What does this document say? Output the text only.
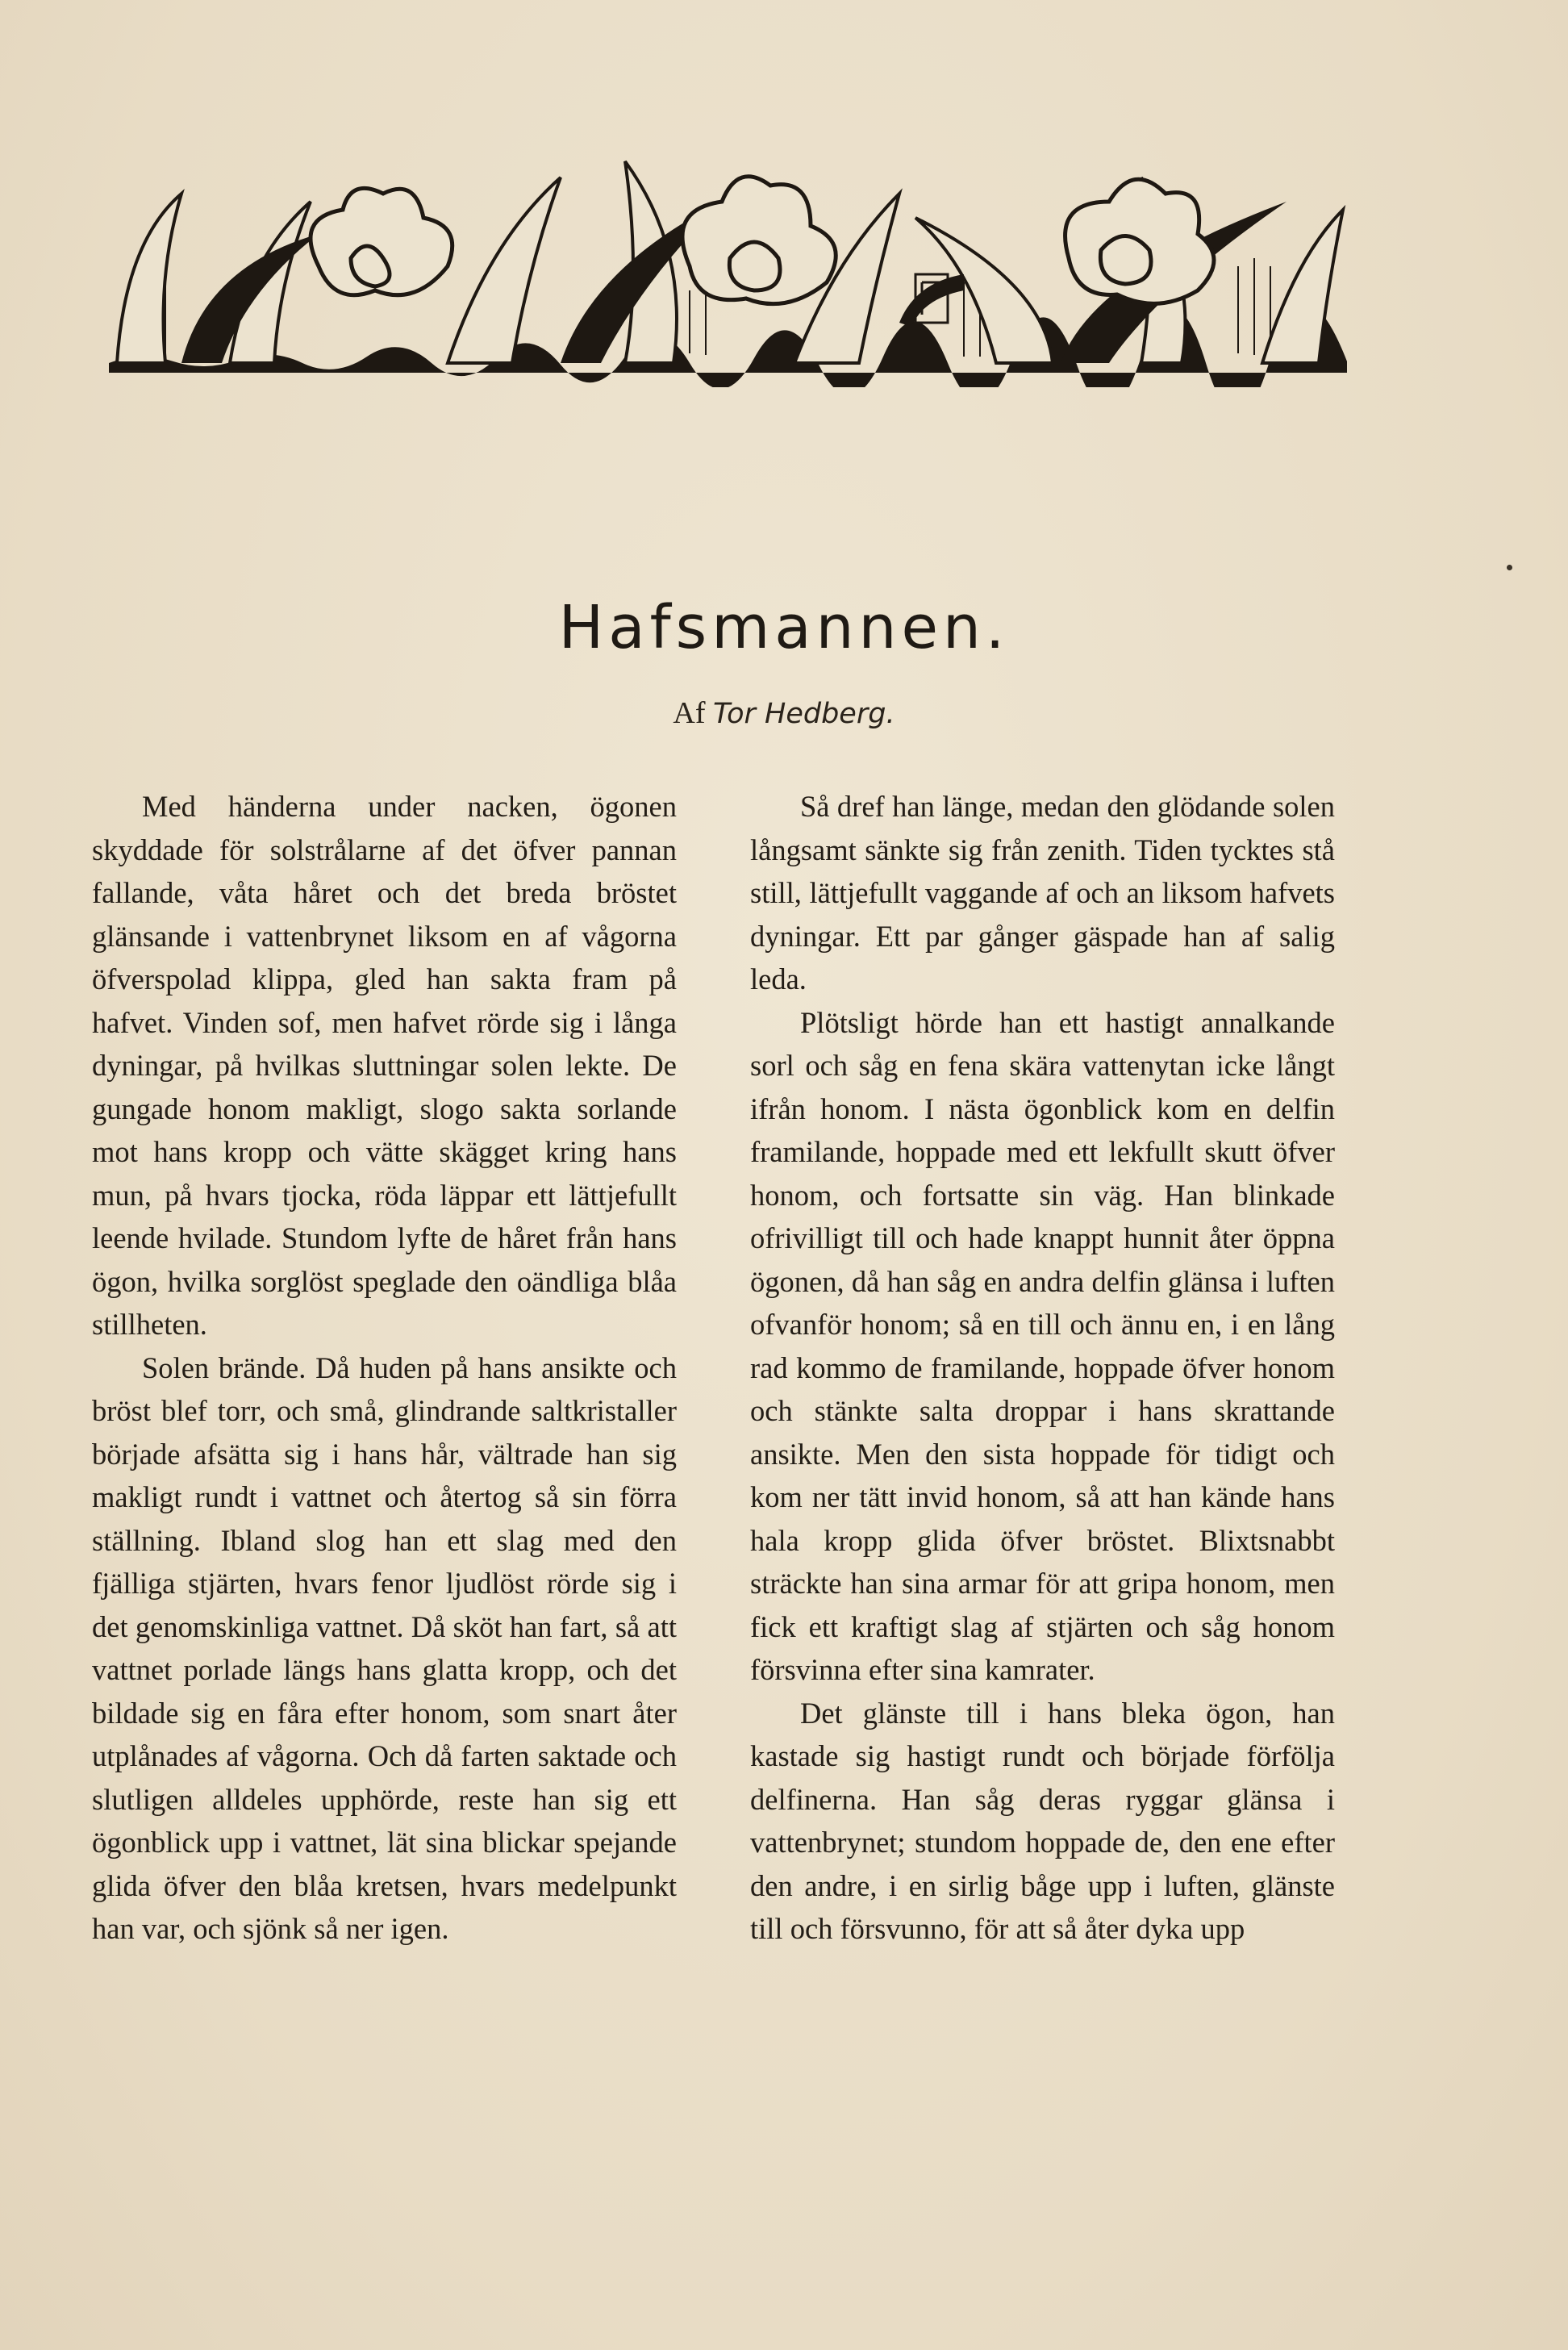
Hafsmannen.
Af Tor Hedberg.

Med händerna under nacken, ögonen skyddade för solstrålarne af det öfver pannan fallande, våta håret och det breda bröstet glänsande i vattenbrynet liksom en af vågorna öfverspolad klippa, gled han sakta fram på hafvet. Vinden sof, men hafvet rörde sig i långa dyningar, på hvilkas sluttningar solen lekte. De gungade honom makligt, slogo sakta sorlande mot hans kropp och vätte skägget kring hans mun, på hvars tjocka, röda läppar ett lättjefullt leende hvilade. Stundom lyfte de håret från hans ögon, hvilka sorglöst speglade den oändliga blåa stillheten.

Solen brände. Då huden på hans ansikte och bröst blef torr, och små, glindrande saltkristaller började afsätta sig i hans hår, vältrade han sig makligt rundt i vattnet och återtog så sin förra ställning. Ibland slog han ett slag med den fjälliga stjärten, hvars fenor ljudlöst rörde sig i det genomskinliga vattnet. Då sköt han fart, så att vattnet porlade längs hans glatta kropp, och det bildade sig en fåra efter honom, som snart åter utplånades af vågorna. Och då farten saktade och slutligen alldeles upphörde, reste han sig ett ögonblick upp i vattnet, lät sina blickar spejande glida öfver den blåa kretsen, hvars medelpunkt han var, och sjönk så ner igen.

Så dref han länge, medan den glödande solen långsamt sänkte sig från zenith. Tiden tycktes stå still, lättjefullt vaggande af och an liksom hafvets dyningar. Ett par gånger gäspade han af salig leda.

Plötsligt hörde han ett hastigt annalkande sorl och såg en fena skära vattenytan icke långt ifrån honom. I nästa ögonblick kom en delfin framilande, hoppade med ett lekfullt skutt öfver honom, och fortsatte sin väg. Han blinkade ofrivilligt till och hade knappt hunnit åter öppna ögonen, då han såg en andra delfin glänsa i luften ofvanför honom; så en till och ännu en, i en lång rad kommo de framilande, hoppade öfver honom och stänkte salta droppar i hans skrattande ansikte. Men den sista hoppade för tidigt och kom ner tätt invid honom, så att han kände hans hala kropp glida öfver bröstet. Blixtsnabbt sträckte han sina armar för att gripa honom, men fick ett kraftigt slag af stjärten och såg honom försvinna efter sina kamrater.

Det glänste till i hans bleka ögon, han kastade sig hastigt rundt och började förfölja delfinerna. Han såg deras ryggar glänsa i vattenbrynet; stundom hoppade de, den ene efter den andre, i en sirlig båge upp i luften, glänste till och försvunno, för att så åter dyka upp
